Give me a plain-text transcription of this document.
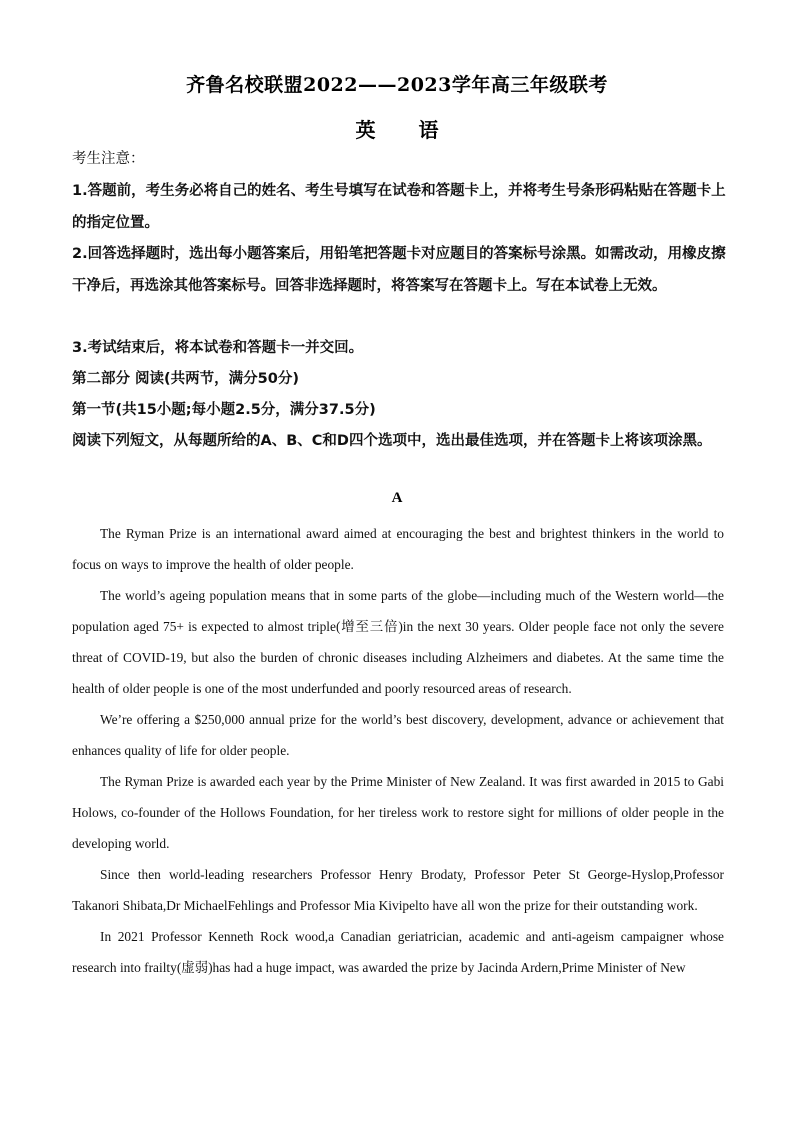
齐鲁名校联盟2022——2023学年高三年级联考
英 语
考生注意：
1.答题前，考生务必将自己的姓名、考生号填写在试卷和答题卡上，并将考生号条形码粘贴在答题卡上的指定位置。
2.回答选择题时，选出每小题答案后，用铅笔把答题卡对应题目的答案标号涂黑。如需改动，用橡皮擦干净后，再选涂其他答案标号。回答非选择题时，将答案写在答题卡上。写在本试卷上无效。
3.考试结束后，将本试卷和答题卡一并交回。
第二部分 阅读(共两节，满分50分)
第一节(共15小题;每小题2.5分，满分37.5分)
阅读下列短文，从每题所给的A、B、C和D四个选项中，选出最佳选项，并在答题卡上将该项涂黑。
A

The Ryman Prize is an international award aimed at encouraging the best and brightest thinkers in the world to focus on ways to improve the health of older people.

The world’s ageing population means that in some parts of the globe—including much of the Western world—the population aged 75+ is expected to almost triple(增至三倍)in the next 30 years. Older people face not only the severe threat of COVID-19, but also the burden of chronic diseases including Alzheimers and diabetes. At the same time the health of older people is one of the most underfunded and poorly resourced areas of research.

We’re offering a $250,000 annual prize for the world’s best discovery, development, advance or achievement that enhances quality of life for older people.

The Ryman Prize is awarded each year by the Prime Minister of New Zealand. It was first awarded in 2015 to Gabi Holows, co-founder of the Hollows Foundation, for her tireless work to restore sight for millions of older people in the developing world.

Since then world-leading researchers Professor Henry Brodaty, Professor Peter St George-Hyslop,Professor Takanori Shibata,Dr MichaelFehlings and Professor Mia Kivipelto have all won the prize for their outstanding work.

In 2021 Professor Kenneth Rock wood,a Canadian geriatrician, academic and anti-ageism campaigner whose research into frailty(虚弱)has had a huge impact, was awarded the prize by Jacinda Ardern,Prime Minister of New
